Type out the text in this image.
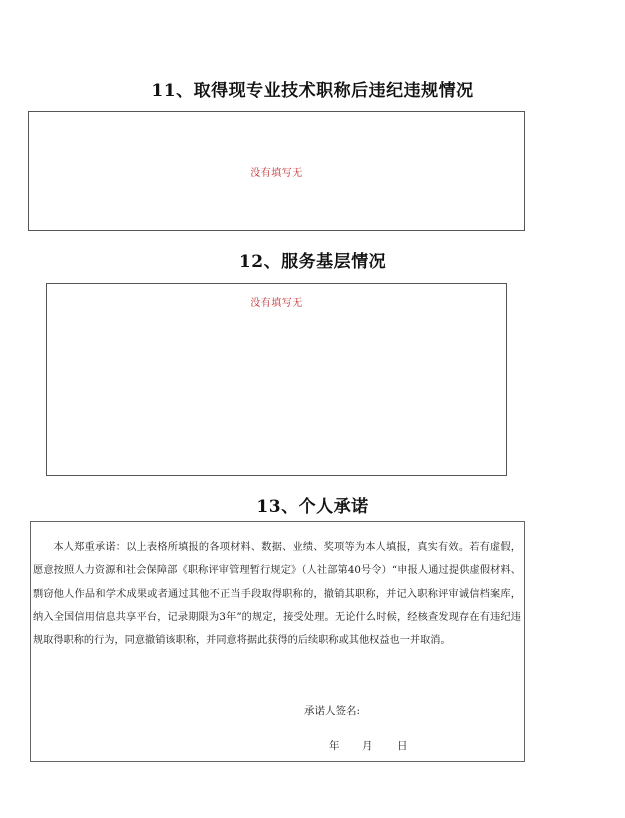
11、取得现专业技术职称后违纪违规情况
没有填写无
12、服务基层情况
没有填写无
13、个人承诺

本人郑重承诺：以上表格所填报的各项材料、数据、业绩、奖项等为本人填报，真实有效。若有虚假，愿意按照人力资源和社会保障部《职称评审管理暂行规定》（人社部第40号令）“申报人通过提供虚假材料、剽窃他人作品和学术成果或者通过其他不正当手段取得职称的，撤销其职称，并记入职称评审诚信档案库，纳入全国信用信息共享平台，记录期限为3年”的规定，接受处理。无论什么时候，经核查发现存在有违纪违规取得职称的行为，同意撤销该职称，并同意将据此获得的后续职称或其他权益也一并取消。

承诺人签名:
年 月 日
